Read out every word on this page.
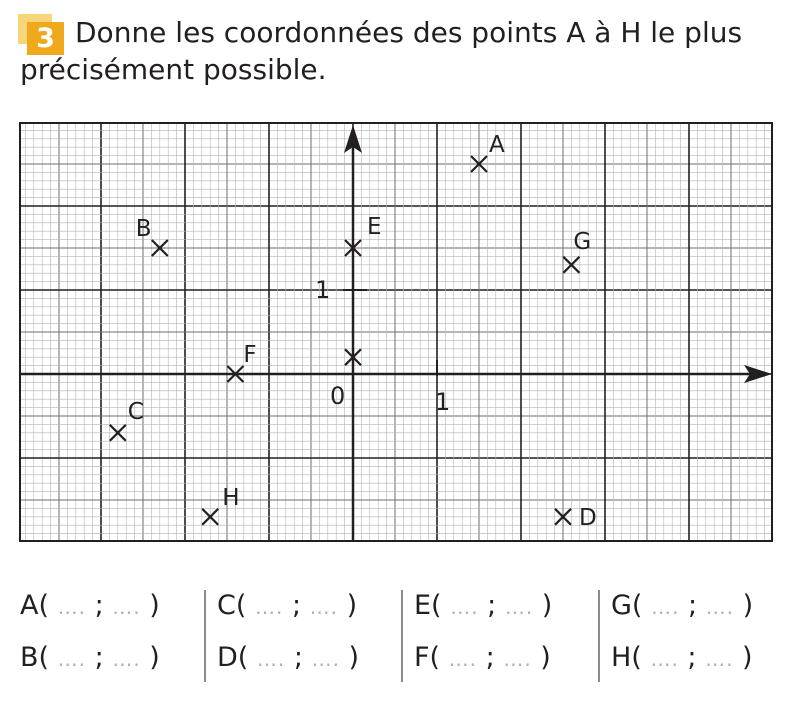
3 Donne les coordonnées des points A à H le plus précisément possible.

0	1
1
A
B
C
D
E
F
G
H
A( …. ; …. )
B( …. ; …. )
C( …. ; …. )
D( …. ; …. )
E( …. ; …. )
F( …. ; …. )
G( …. ; …. )
H( …. ; …. )
